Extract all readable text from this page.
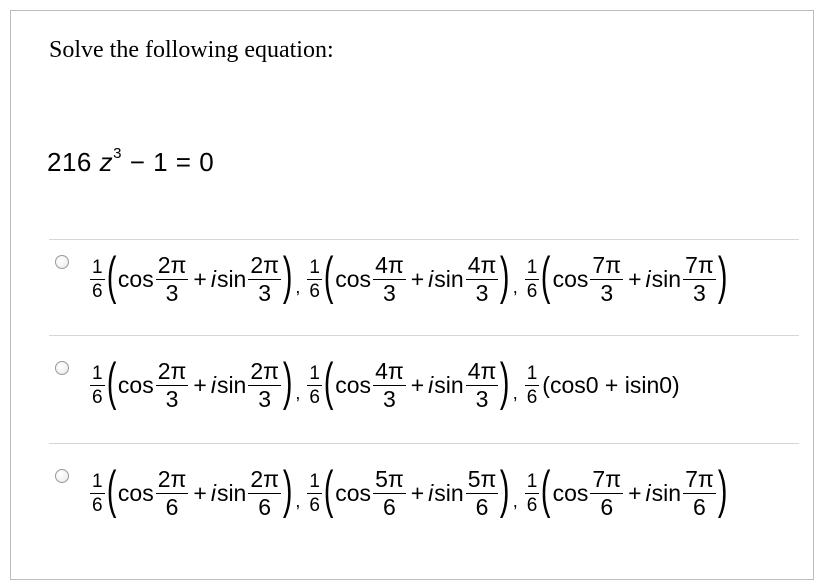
Solve the following equation:
216 $z^3 - 1 = 0$
$\frac{1}{6}$ ( $\cos \frac{2\pi}{3} + i$ $\sin \frac{2\pi}{3}$ ) , $\frac{1}{6}$ ( $\cos \frac{4\pi}{3} + i$ $\sin \frac{4\pi}{3}$ ) , $\frac{1}{6}$ ( $\cos \frac{7\pi}{3} + i$ $\sin \frac{7\pi}{3}$ )
$\frac{1}{6}$ ( $\cos \frac{2\pi}{3} + i$ $\sin \frac{2\pi}{3}$ ) , $\frac{1}{6}$ ( $\cos \frac{4\pi}{3} + i$ $\sin \frac{4\pi}{3}$ ) , $\frac{1}{6} (\cos 0 + isin0)$
$\frac{1}{6}$ ( $\cos \frac{2\pi}{6} + i$ $\sin \frac{2\pi}{6}$ ) , $\frac{1}{6}$ ( $\cos \frac{5\pi}{6} + i$ $\sin \frac{5\pi}{6}$ ) , $\frac{1}{6}$ ( $\cos \frac{7\pi}{6} + i$ $\sin \frac{7\pi}{6}$ )
